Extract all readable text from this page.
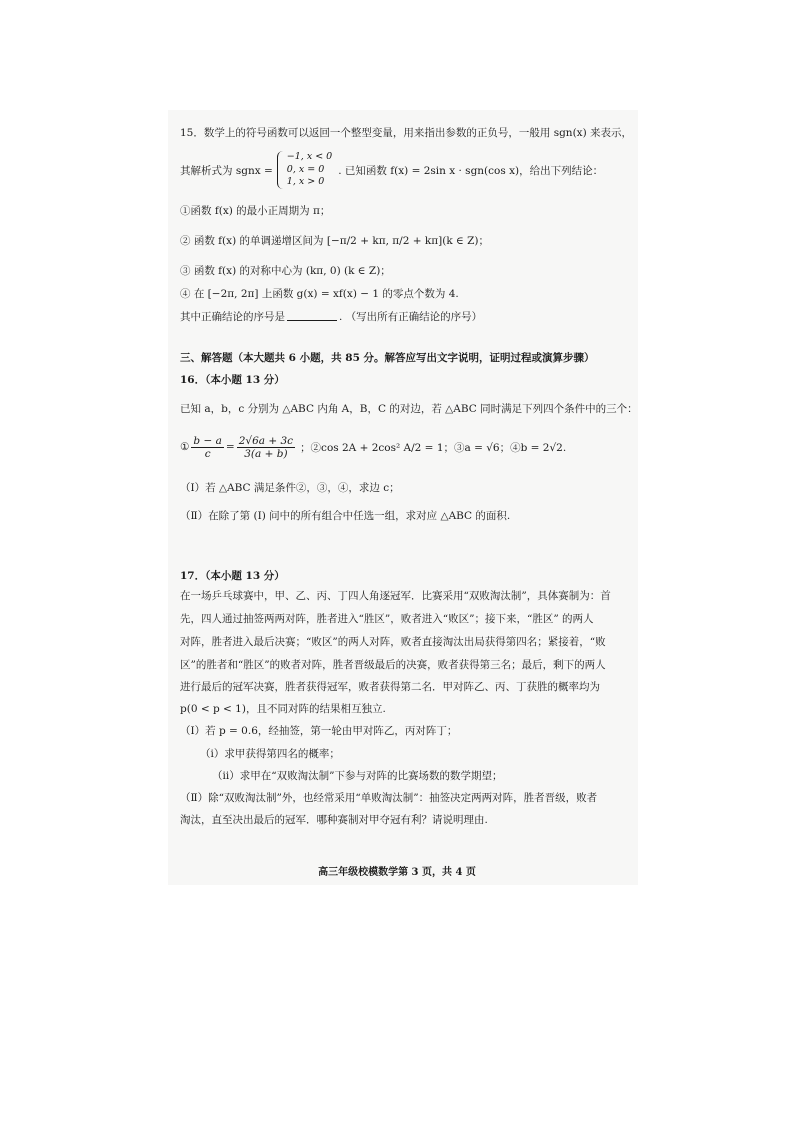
15．数学上的符号函数可以返回一个整型变量，用来指出参数的正负号，一般用 sgn(x) 来表示，
其解析式为 sgnx =
−1, x < 0
0, x = 0
1, x > 0
. 已知函数 f(x) = 2sin x · sgn(cos x)，给出下列结论：
①函数 f(x) 的最小正周期为 π；
② 函数 f(x) 的单调递增区间为 [−π/2 + kπ, π/2 + kπ](k ∈ Z)；
③ 函数 f(x) 的对称中心为 (kπ, 0) (k ∈ Z)；
④ 在 [−2π, 2π] 上函数 g(x) = xf(x) − 1 的零点个数为 4.
其中正确结论的序号是	. （写出所有正确结论的序号）
三、解答题（本大题共 6 小题，共 85 分。解答应写出文字说明，证明过程或演算步骤）
16．（本小题 13 分）
已知 a，b，c 分别为 △ABC 内角 A，B，C 的对边，若 △ABC 同时满足下列四个条件中的三个：
① $\frac{b - a}{c} = \frac{2√6a + 3c}{3(a + b)}$ ；②cos 2A + 2cos² A/2 = 1；③a = √6；④b = 2√2.
（Ⅰ）若 △ABC 满足条件②，③，④，求边 c；
（Ⅱ）在除了第 (Ⅰ) 问中的所有组合中任选一组，求对应 △ABC 的面积.
17．（本小题 13 分）
在一场乒乓球赛中，甲、乙、丙、丁四人角逐冠军．比赛采用“双败淘汰制”，具体赛制为：首
先，四人通过抽签两两对阵，胜者进入“胜区”，败者进入“败区”；接下来，“胜区” 的两人
对阵，胜者进入最后决赛；“败区”的两人对阵，败者直接淘汰出局获得第四名；紧接着，“败
区”的胜者和“胜区”的败者对阵，胜者晋级最后的决赛，败者获得第三名；最后，剩下的两人
进行最后的冠军决赛，胜者获得冠军，败者获得第二名．甲对阵乙、丙、丁获胜的概率均为
p(0 < p < 1)，且不同对阵的结果相互独立.
（Ⅰ）若 p = 0.6，经抽签，第一轮由甲对阵乙，丙对阵丁；
（ⅰ）求甲获得第四名的概率；
（ⅱ）求甲在“双败淘汰制”下参与对阵的比赛场数的数学期望；
（Ⅱ）除“双败淘汰制”外，也经常采用“单败淘汰制”：抽签决定两两对阵，胜者晋级，败者
淘汰，直至决出最后的冠军．哪种赛制对甲夺冠有利？请说明理由.
高三年级校模数学第 3 页，共 4 页
